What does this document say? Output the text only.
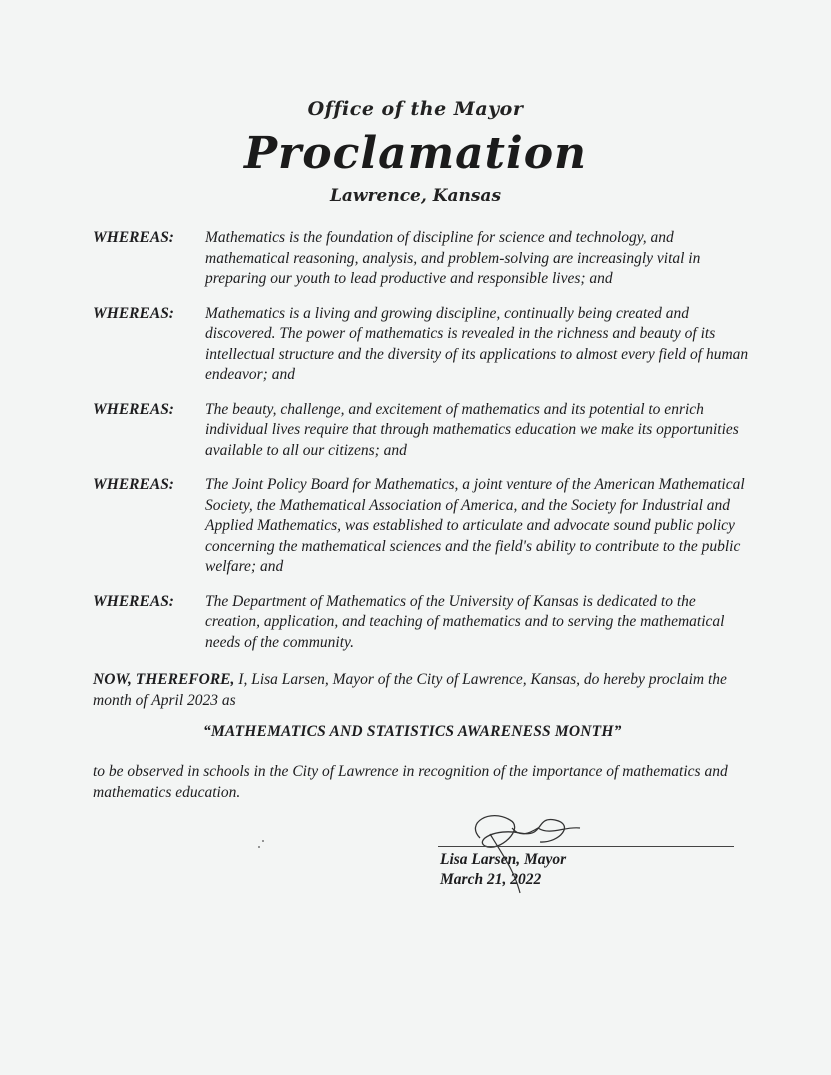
Office of the Mayor
Proclamation
Lawrence, Kansas
WHEREAS:	Mathematics is the foundation of discipline for science and technology, and mathematical reasoning, analysis, and problem-solving are increasingly vital in preparing our youth to lead productive and responsible lives; and
WHEREAS:	Mathematics is a living and growing discipline, continually being created and discovered. The power of mathematics is revealed in the richness and beauty of its intellectual structure and the diversity of its applications to almost every field of human endeavor; and
WHEREAS:	The beauty, challenge, and excitement of mathematics and its potential to enrich individual lives require that through mathematics education we make its opportunities available to all our citizens; and
WHEREAS:	The Joint Policy Board for Mathematics, a joint venture of the American Mathematical Society, the Mathematical Association of America, and the Society for Industrial and Applied Mathematics, was established to articulate and advocate sound public policy concerning the mathematical sciences and the field's ability to contribute to the public welfare; and
WHEREAS:	The Department of Mathematics of the University of Kansas is dedicated to the creation, application, and teaching of mathematics and to serving the mathematical needs of the community.
NOW, THEREFORE, I, Lisa Larsen, Mayor of the City of Lawrence, Kansas, do hereby proclaim the month of April 2023 as
“MATHEMATICS AND STATISTICS AWARENESS MONTH”
to be observed in schools in the City of Lawrence in recognition of the importance of mathematics and mathematics education.
Lisa Larsen, Mayor
March 21, 2022
